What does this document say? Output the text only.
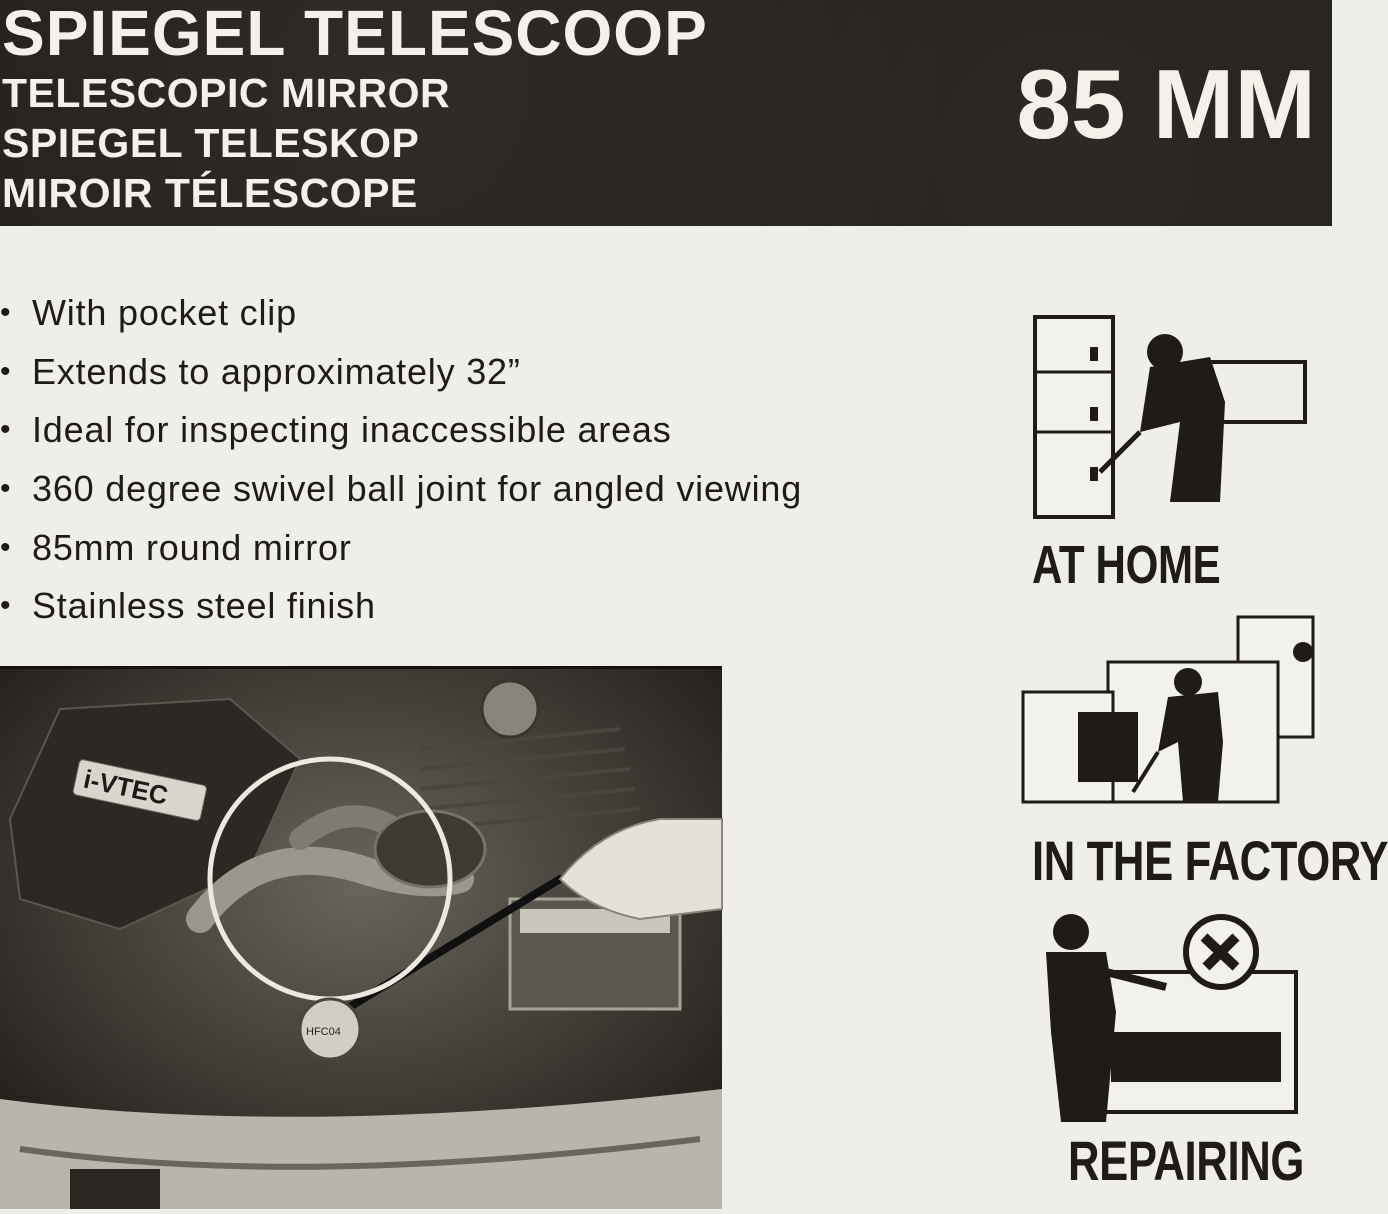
SPIEGEL TELESCOOP
TELESCOPIC MIRROR
SPIEGEL TELESKOP
MIROIR TÉLESCOPE
85 MM
• With pocket clip
• Extends to approximately 32”
• Ideal for inspecting inaccessible areas
• 360 degree swivel ball joint for angled viewing
• 85mm round mirror
• Stainless steel finish
i-VTEC
HFC04
AT HOME
IN THE FACTORY
REPAIRING
